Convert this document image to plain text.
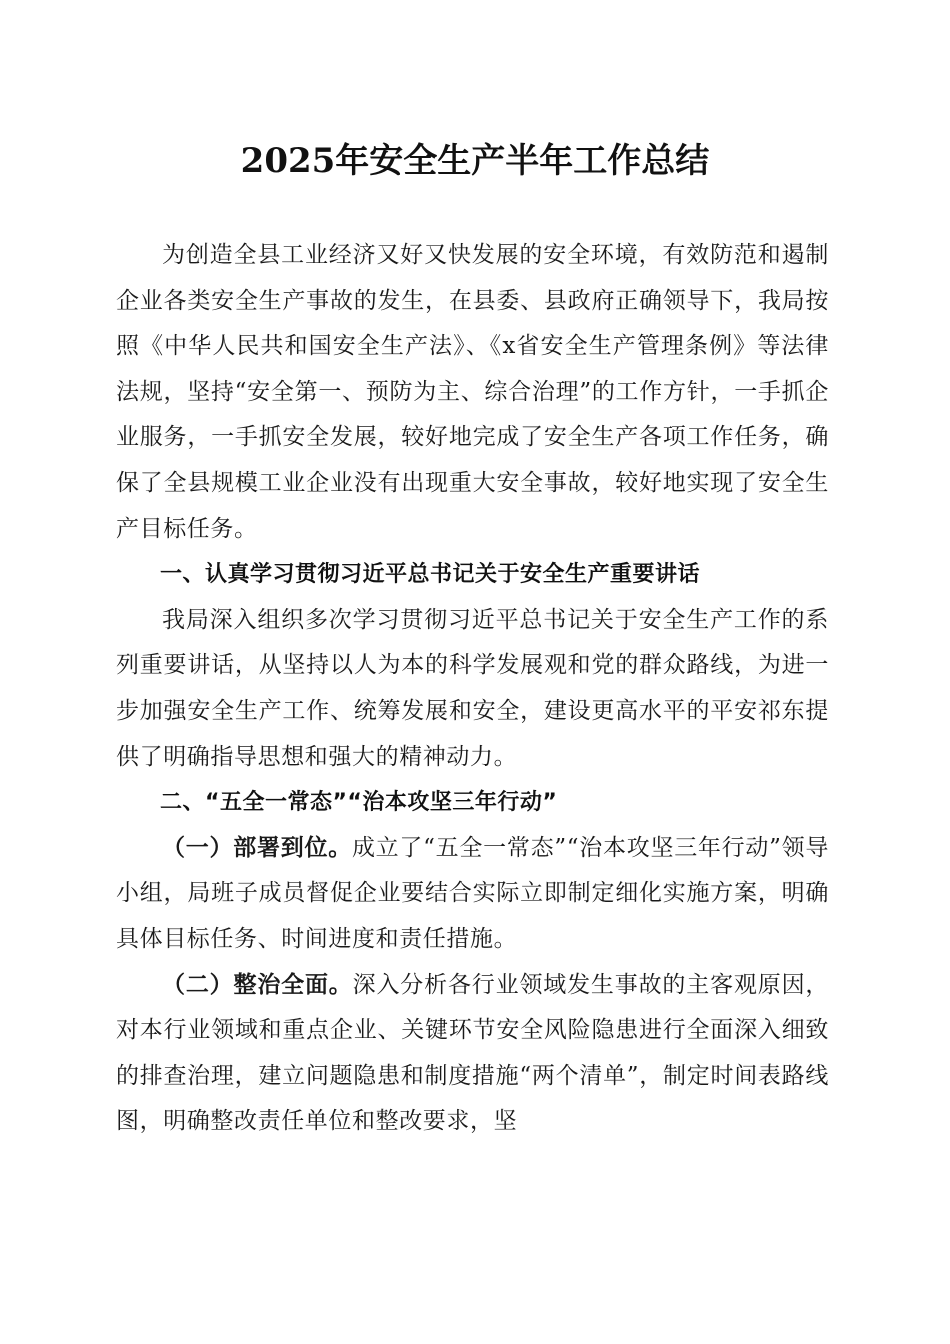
2025年安全生产半年工作总结

为创造全县工业经济又好又快发展的安全环境，有效防范和遏制企业各类安全生产事故的发生，在县委、县政府正确领导下，我局按照《中华人民共和国安全生产法》、《x省安全生产管理条例》等法律法规，坚持“安全第一、预防为主、综合治理”的工作方针，一手抓企业服务，一手抓安全发展，较好地完成了安全生产各项工作任务，确保了全县规模工业企业没有出现重大安全事故，较好地实现了安全生产目标任务。

一、认真学习贯彻习近平总书记关于安全生产重要讲话

我局深入组织多次学习贯彻习近平总书记关于安全生产工作的系列重要讲话，从坚持以人为本的科学发展观和党的群众路线，为进一步加强安全生产工作、统筹发展和安全，建设更高水平的平安祁东提供了明确指导思想和强大的精神动力。

二、“五全一常态”“治本攻坚三年行动”

（一）部署到位。成立了“五全一常态”“治本攻坚三年行动”领导小组，局班子成员督促企业要结合实际立即制定细化实施方案，明确具体目标任务、时间进度和责任措施。

（二）整治全面。深入分析各行业领域发生事故的主客观原因，对本行业领域和重点企业、关键环节安全风险隐患进行全面深入细致的排查治理，建立问题隐患和制度措施“两个清单”，制定时间表路线图，明确整改责任单位和整改要求，坚
